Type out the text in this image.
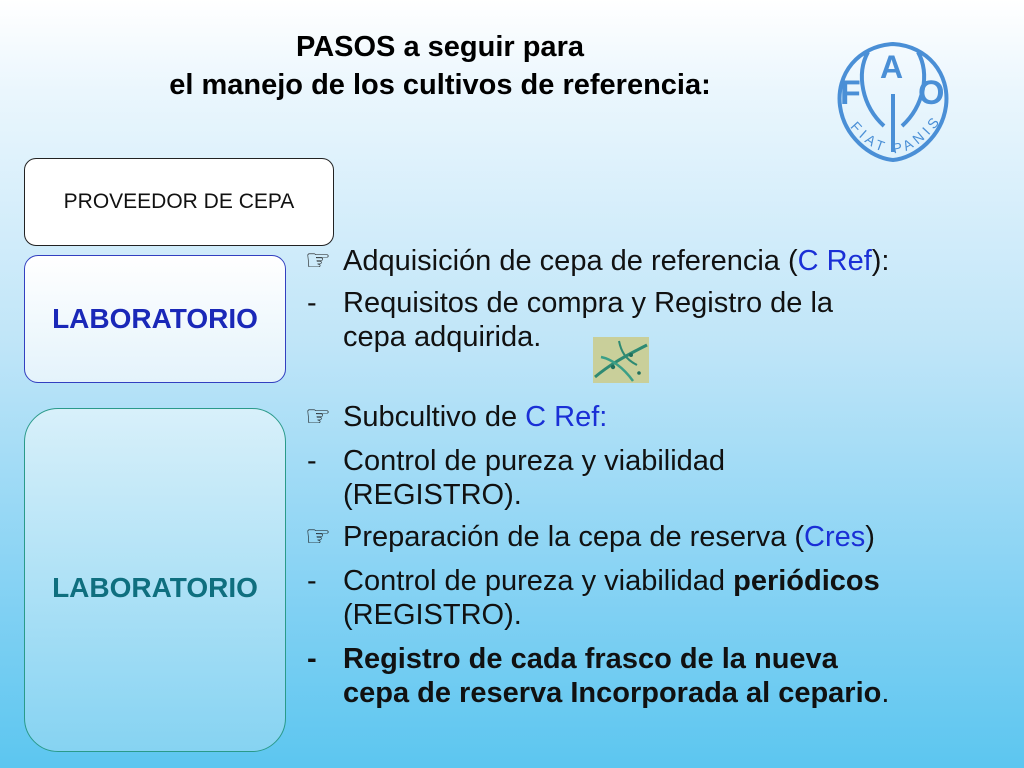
PASOS a seguir para
el manejo de los cultivos de referencia:	F
A
O
FIAT PANIS
PROVEEDOR DE CEPA
LABORATORIO
LABORATORIO
☞ Adquisición de cepa de referencia (C Ref):
- Requisitos de compra y Registro de la
cepa adquirida.
☞ Subcultivo de C Ref:
- Control de pureza y viabilidad
(REGISTRO).
☞ Preparación de la cepa de reserva (Cres)
- Control de pureza y viabilidad periódicos
(REGISTRO).
- Registro de cada frasco de la nueva
cepa de reserva Incorporada al cepario.
